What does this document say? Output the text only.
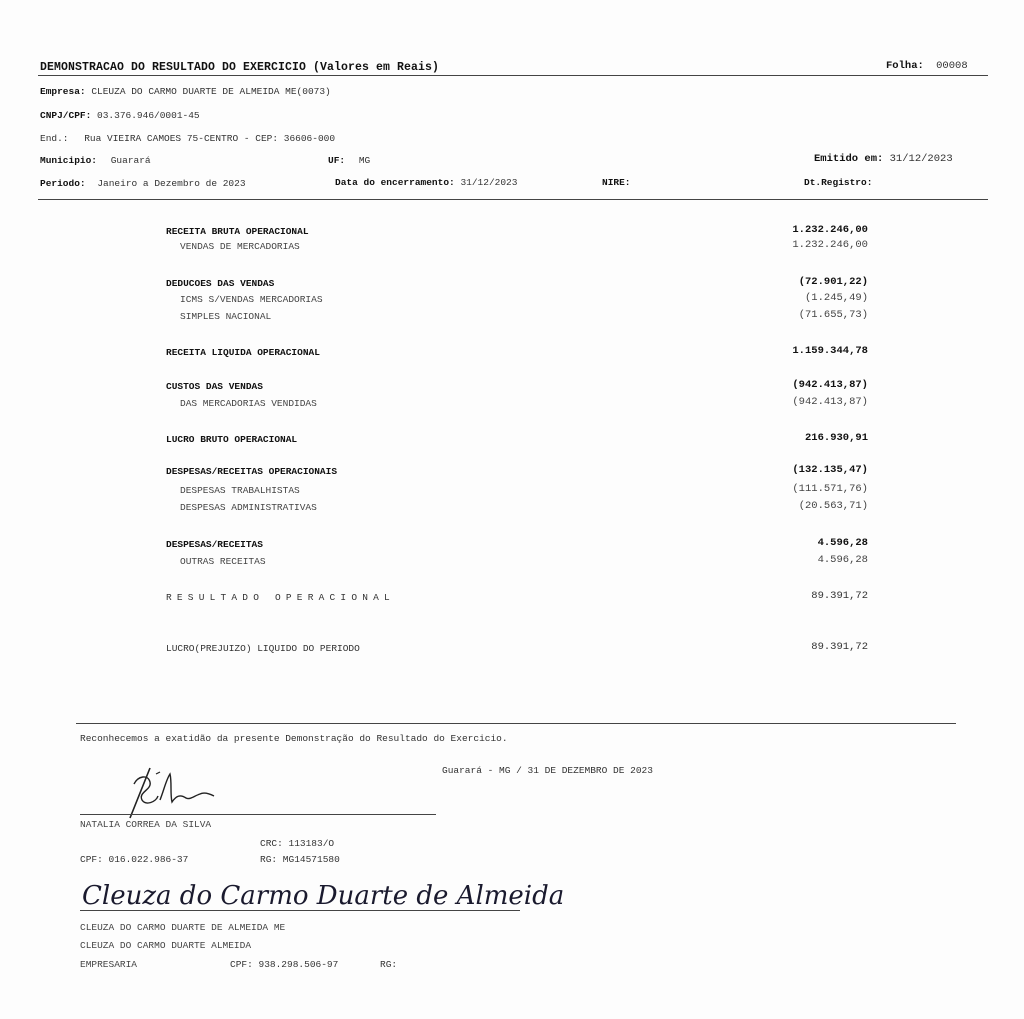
DEMONSTRACAO DO RESULTADO DO EXERCICIO (Valores em Reais)	Folha: 00008
Empresa: CLEUZA DO CARMO DUARTE DE ALMEIDA ME(0073)
CNPJ/CPF: 03.376.946/0001-45
End.: Rua VIEIRA CAMOES 75-CENTRO - CEP: 36606-000
Municipio: Guarará	UF: MG	Emitido em: 31/12/2023
Periodo: Janeiro a Dezembro de 2023	Data do encerramento: 31/12/2023	NIRE:	Dt.Registro:
RECEITA BRUTA OPERACIONAL	1.232.246,00
VENDAS DE MERCADORIAS	1.232.246,00
DEDUCOES DAS VENDAS	(72.901,22)
ICMS S/VENDAS MERCADORIAS	(1.245,49)
SIMPLES NACIONAL	(71.655,73)
RECEITA LIQUIDA OPERACIONAL	1.159.344,78
CUSTOS DAS VENDAS	(942.413,87)
DAS MERCADORIAS VENDIDAS	(942.413,87)
LUCRO BRUTO OPERACIONAL	216.930,91
DESPESAS/RECEITAS OPERACIONAIS	(132.135,47)
DESPESAS TRABALHISTAS	(111.571,76)
DESPESAS ADMINISTRATIVAS	(20.563,71)
DESPESAS/RECEITAS	4.596,28
OUTRAS RECEITAS	4.596,28
RESULTADO OPERACIONAL	89.391,72
LUCRO(PREJUIZO) LIQUIDO DO PERIODO	89.391,72
Reconhecemos a exatidão da presente Demonstração do Resultado do Exercicio.
Guarará - MG / 31 DE DEZEMBRO DE 2023
NATALIA CORREA DA SILVA
CRC: 113183/O
CPF: 016.022.986-37	RG: MG14571580
Cleuza do Carmo Duarte de Almeida
CLEUZA DO CARMO DUARTE DE ALMEIDA ME
CLEUZA DO CARMO DUARTE ALMEIDA
EMPRESARIA	CPF: 938.298.506-97	RG:
